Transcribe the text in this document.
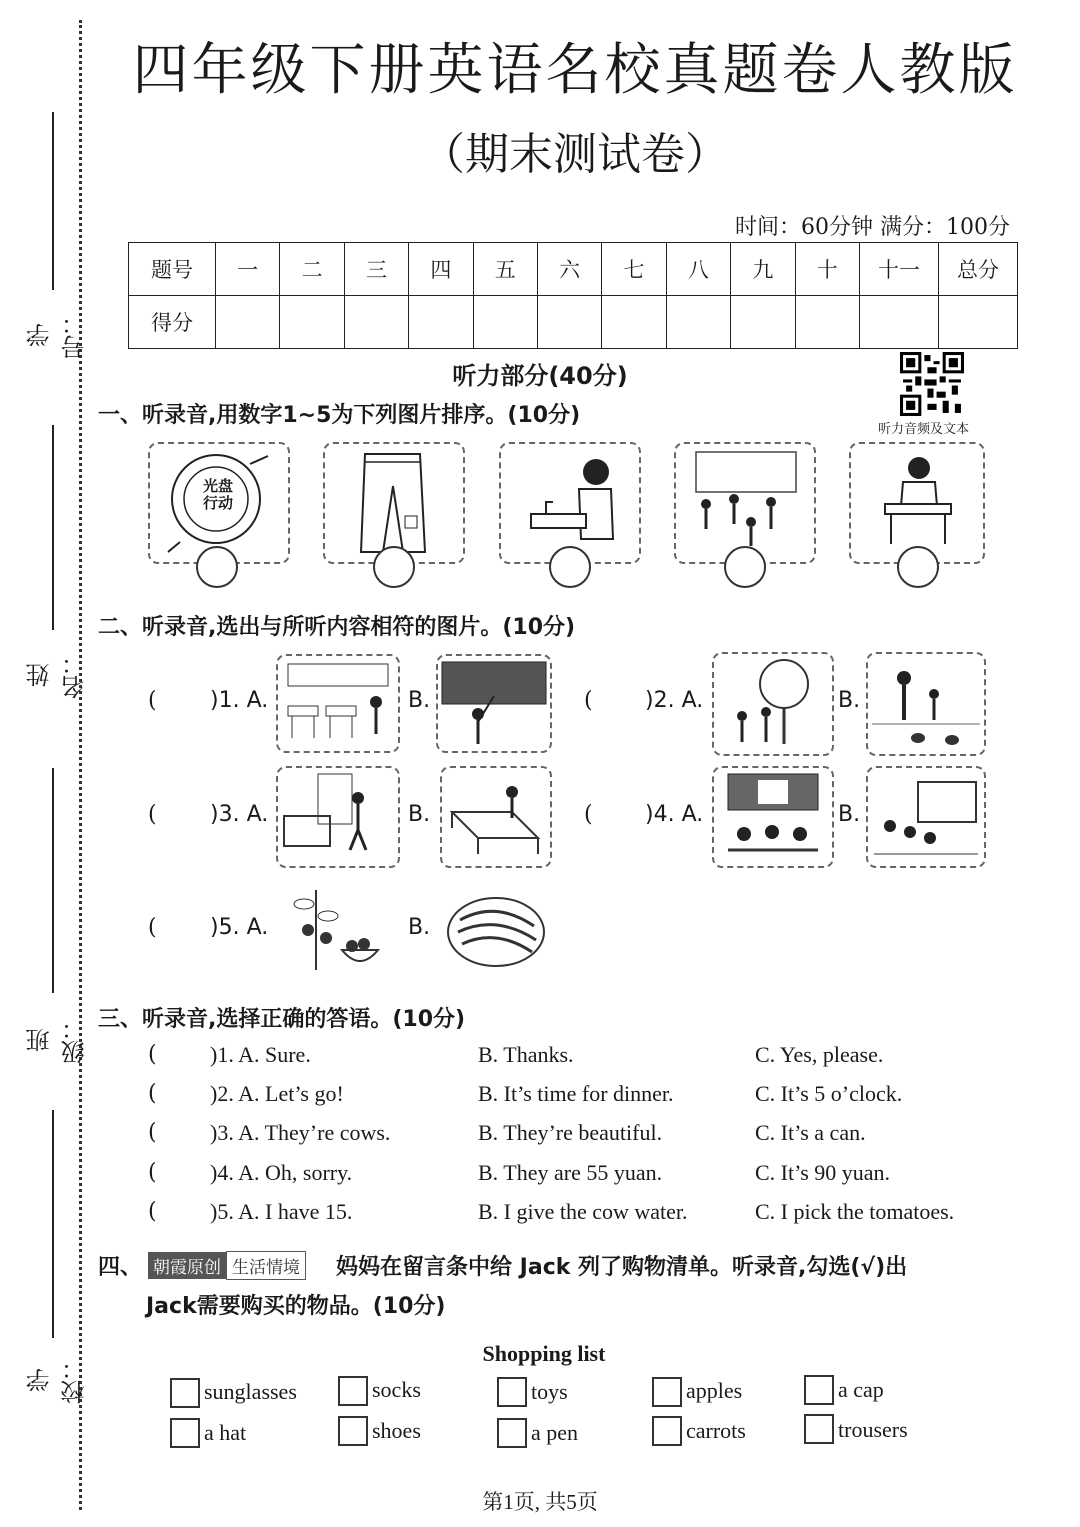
学号：
姓名：
班级：
学校：
四年级下册英语名校真题卷人教版
（期末测试卷）
时间：60分钟 满分：100分
题号	一	二	三	四	五	六	七	八	九	十	十一	总分
得分												
听力部分(40分)
听力音频及文本
一、听录音,用数字1~5为下列图片排序。(10分)
光盘
行动
二、听录音,选出与所听内容相符的图片。(10分)
( )1. A.	B.	( )2. A.	B.
( )3. A.	B.	( )4. A.	B.
( )5. A.	B.
三、听录音,选择正确的答语。(10分)
( )1. A. Sure.	B. Thanks.	C. Yes, please.
( )2. A. Let’s go!	B. It’s time for dinner.	C. It’s 5 o’clock.
( )3. A. They’re cows.	B. They’re beautiful.	C. It’s a can.
( )4. A. Oh, sorry.	B. They are 55 yuan.	C. It’s 90 yuan.
( )5. A. I have 15.	B. I give the cow water.	C. I pick the tomatoes.
四、 朝霞原创 生活情境 妈妈在留言条中给 Jack 列了购物清单。听录音,勾选(√)出
Jack需要购买的物品。(10分)
Shopping list
sunglasses	socks	toys	apples	a cap
a hat	shoes	a pen	carrots	trousers
第1页, 共5页
